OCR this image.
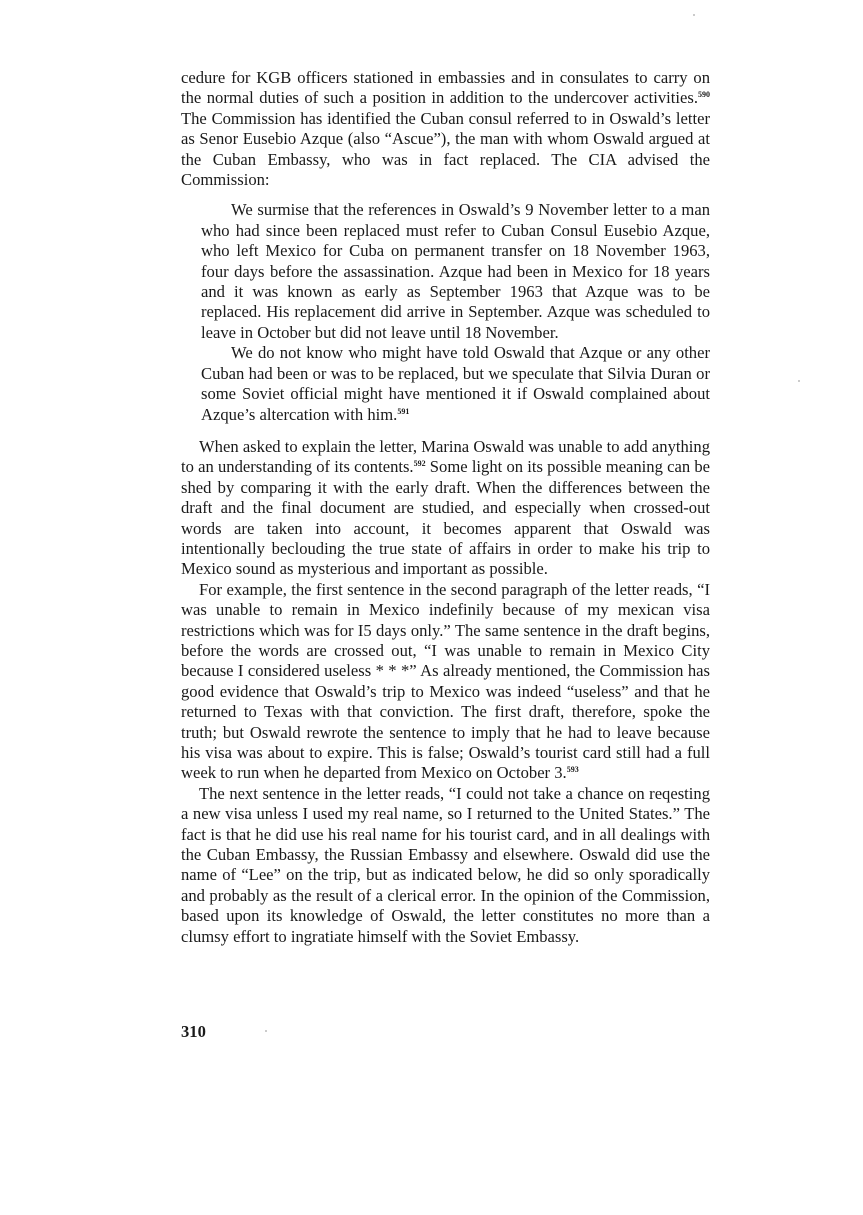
cedure for KGB officers stationed in embassies and in consulates to carry on the normal duties of such a position in addition to the undercover activities.$^{590}$ The Commission has identified the Cuban consul referred to in Oswald’s letter as Senor Eusebio Azque (also “Ascue”), the man with whom Oswald argued at the Cuban Embassy, who was in fact replaced. The CIA advised the Commission:

We surmise that the references in Oswald’s 9 November letter to a man who had since been replaced must refer to Cuban Consul Eusebio Azque, who left Mexico for Cuba on permanent transfer on 18 November 1963, four days before the assassination. Azque had been in Mexico for 18 years and it was known as early as September 1963 that Azque was to be replaced. His replacement did arrive in September. Azque was scheduled to leave in October but did not leave until 18 November.

We do not know who might have told Oswald that Azque or any other Cuban had been or was to be replaced, but we speculate that Silvia Duran or some Soviet official might have mentioned it if Oswald complained about Azque’s altercation with him.$^{591}$

When asked to explain the letter, Marina Oswald was unable to add anything to an understanding of its contents.$^{592}$ Some light on its possible meaning can be shed by comparing it with the early draft. When the differences between the draft and the final document are studied, and especially when crossed-out words are taken into account, it becomes apparent that Oswald was intentionally beclouding the true state of affairs in order to make his trip to Mexico sound as mysterious and important as possible.

For example, the first sentence in the second paragraph of the letter reads, “I was unable to remain in Mexico indefinily because of my mexican visa restrictions which was for I5 days only.” The same sentence in the draft begins, before the words are crossed out, “I was unable to remain in Mexico City because I considered useless * * *” As already mentioned, the Commission has good evidence that Oswald’s trip to Mexico was indeed “useless” and that he returned to Texas with that conviction. The first draft, therefore, spoke the truth; but Oswald rewrote the sentence to imply that he had to leave because his visa was about to expire. This is false; Oswald’s tourist card still had a full week to run when he departed from Mexico on October 3.$^{593}$

The next sentence in the letter reads, “I could not take a chance on reqesting a new visa unless I used my real name, so I returned to the United States.” The fact is that he did use his real name for his tourist card, and in all dealings with the Cuban Embassy, the Russian Embassy and elsewhere. Oswald did use the name of “Lee” on the trip, but as indicated below, he did so only sporadically and probably as the result of a clerical error. In the opinion of the Commission, based upon its knowledge of Oswald, the letter constitutes no more than a clumsy effort to ingratiate himself with the Soviet Embassy.

310
